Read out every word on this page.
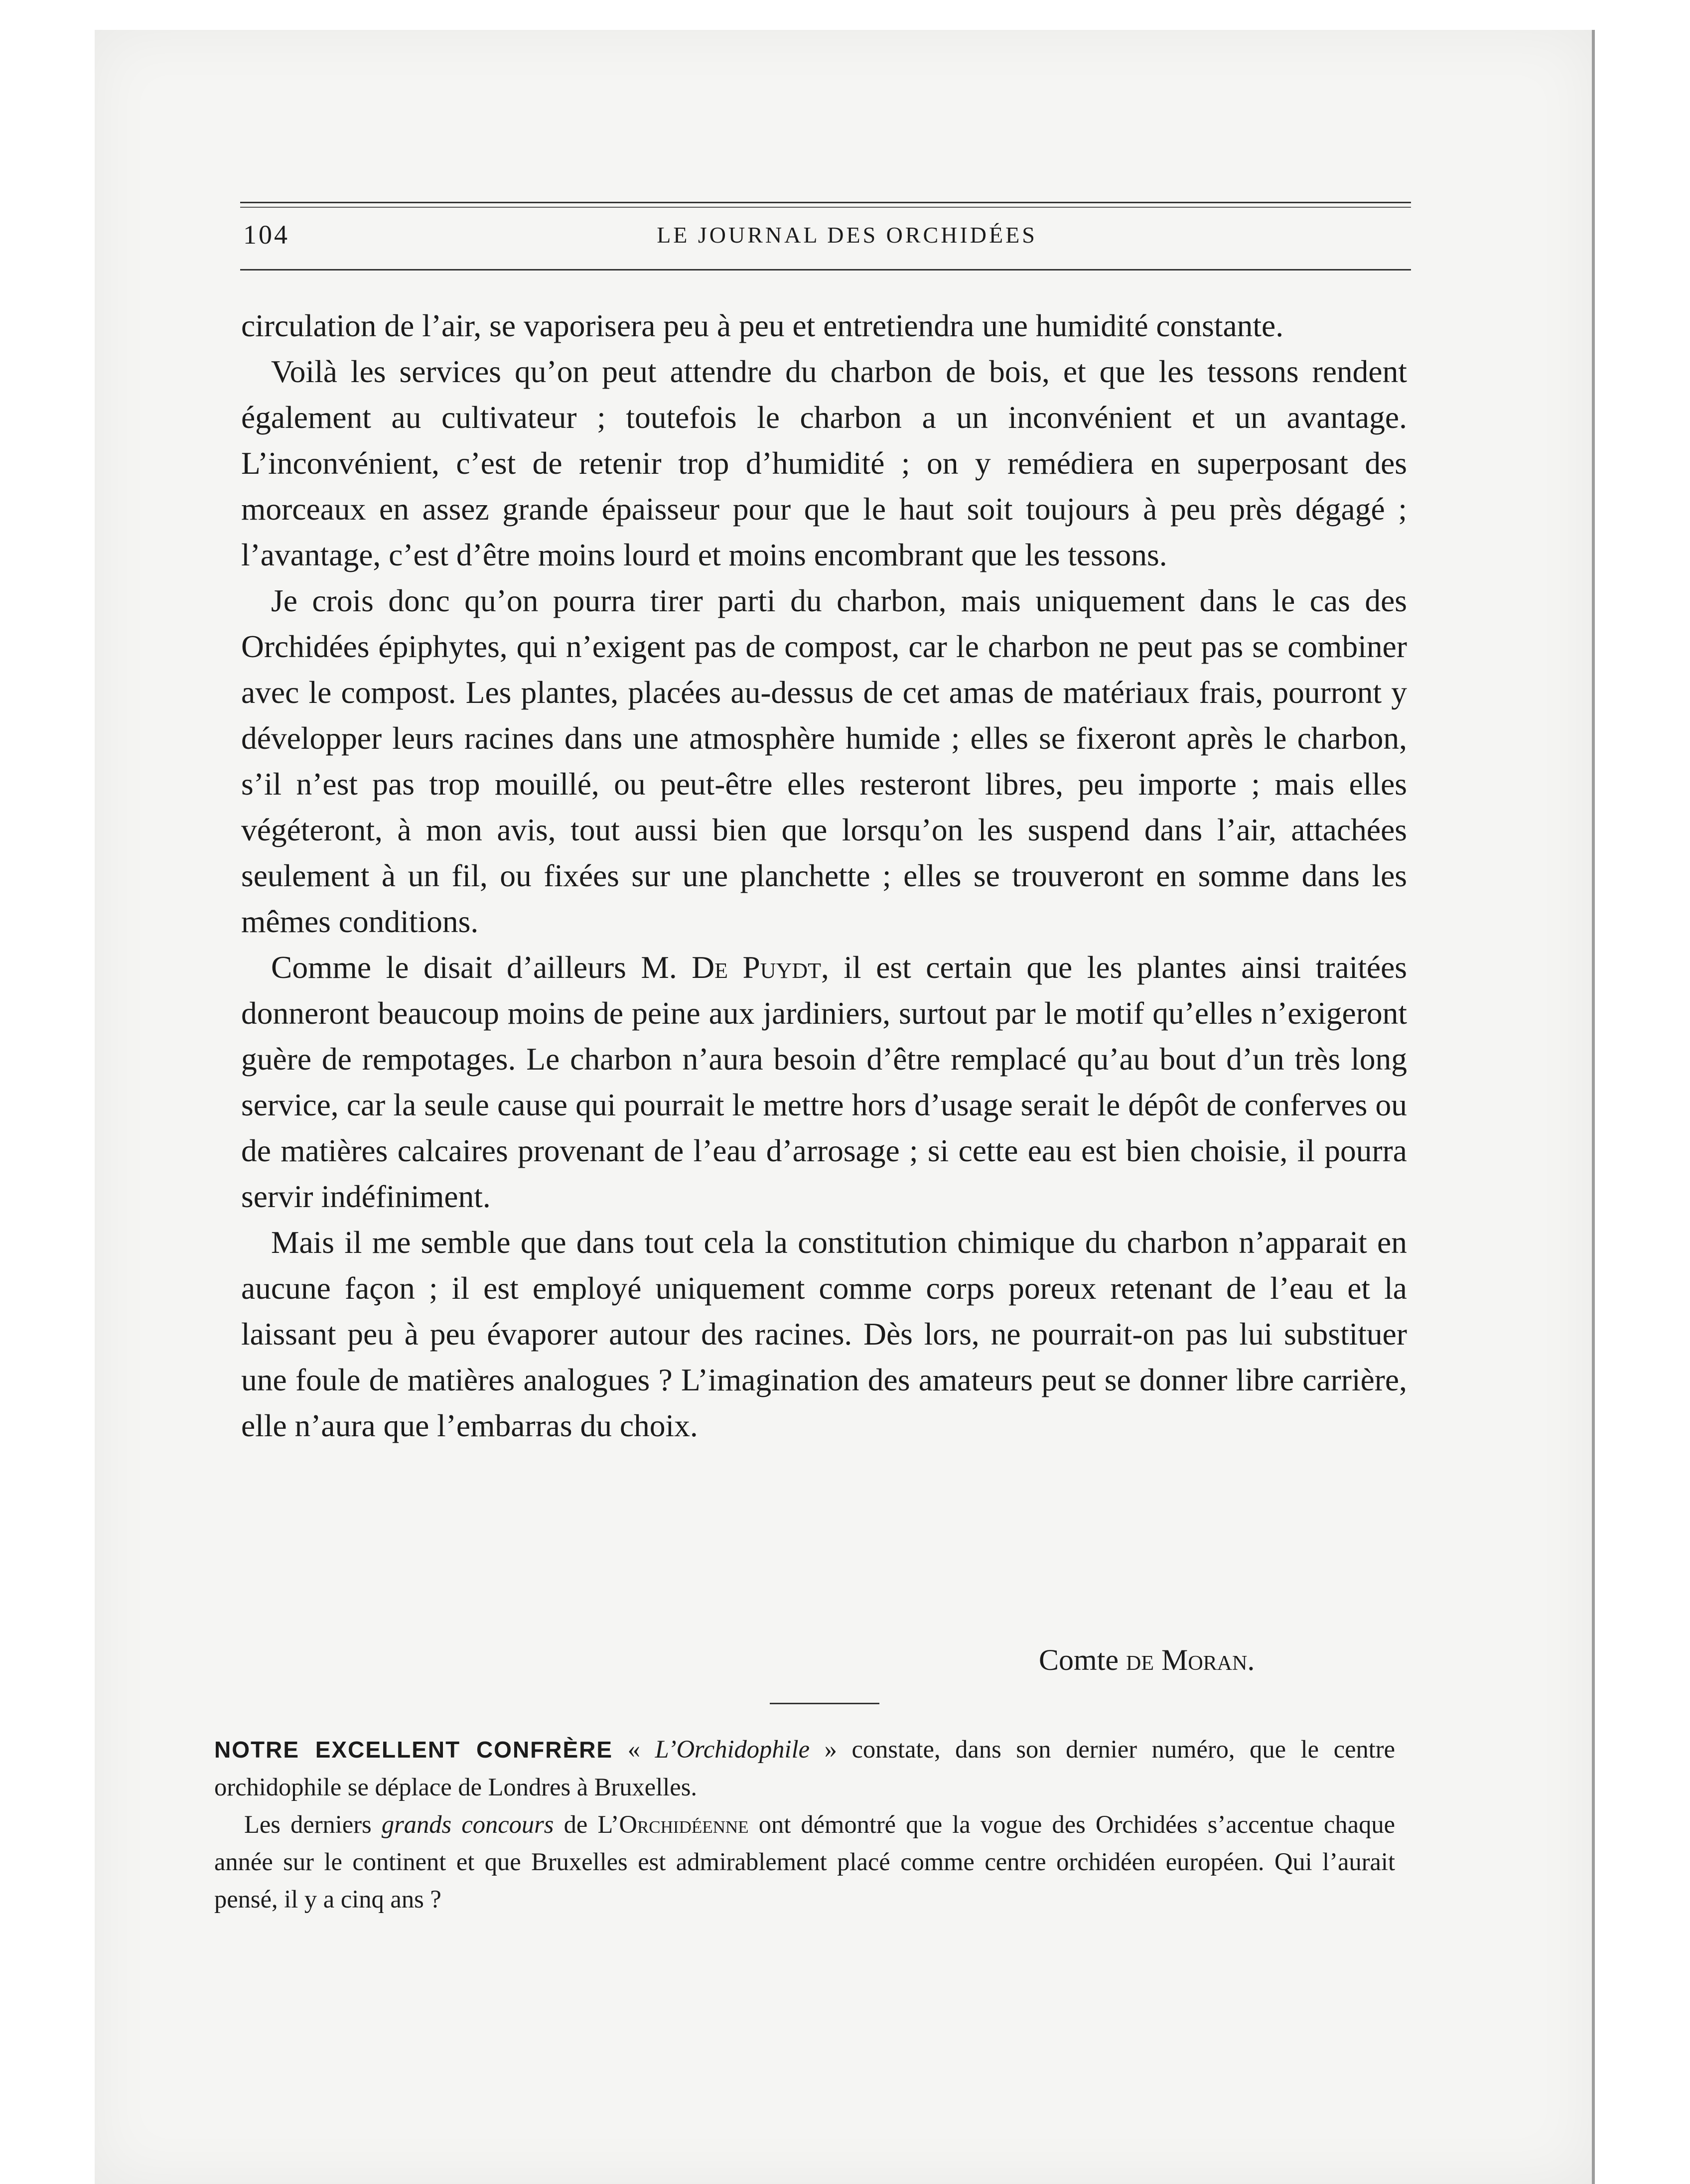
104	LE JOURNAL DES ORCHIDÉES

circulation de l’air, se vaporisera peu à peu et entretiendra une humidité constante.

Voilà les services qu’on peut attendre du charbon de bois, et que les tessons rendent également au cultivateur ; toutefois le charbon a un inconvénient et un avantage. L’inconvénient, c’est de retenir trop d’humidité ; on y remédiera en superposant des morceaux en assez grande épaisseur pour que le haut soit toujours à peu près dégagé ; l’avantage, c’est d’être moins lourd et moins encombrant que les tessons.

Je crois donc qu’on pourra tirer parti du charbon, mais uniquement dans le cas des Orchidées épiphytes, qui n’exigent pas de compost, car le charbon ne peut pas se combiner avec le compost. Les plantes, placées au-dessus de cet amas de matériaux frais, pourront y développer leurs racines dans une atmosphère humide ; elles se fixeront après le charbon, s’il n’est pas trop mouillé, ou peut-être elles resteront libres, peu importe ; mais elles végéteront, à mon avis, tout aussi bien que lorsqu’on les suspend dans l’air, attachées seulement à un fil, ou fixées sur une planchette ; elles se trouveront en somme dans les mêmes conditions.

Comme le disait d’ailleurs M. De Puydt, il est certain que les plantes ainsi traitées donneront beaucoup moins de peine aux jardiniers, surtout par le motif qu’elles n’exigeront guère de rempotages. Le charbon n’aura besoin d’être remplacé qu’au bout d’un très long service, car la seule cause qui pourrait le mettre hors d’usage serait le dépôt de conferves ou de matières calcaires provenant de l’eau d’arrosage ; si cette eau est bien choisie, il pourra servir indéfiniment.

Mais il me semble que dans tout cela la constitution chimique du charbon n’apparait en aucune façon ; il est employé uniquement comme corps poreux retenant de l’eau et la laissant peu à peu évaporer autour des racines. Dès lors, ne pourrait-on pas lui substituer une foule de matières analogues ? L’imagination des amateurs peut se donner libre carrière, elle n’aura que l’embarras du choix.

Comte de Moran.

NOTRE EXCELLENT CONFRÈRE « L’Orchidophile » constate, dans son dernier numéro, que le centre orchidophile se déplace de Londres à Bruxelles.

Les derniers grands concours de L’Orchidéenne ont démontré que la vogue des Orchidées s’accentue chaque année sur le continent et que Bruxelles est admirablement placé comme centre orchidéen européen. Qui l’aurait pensé, il y a cinq ans ?
